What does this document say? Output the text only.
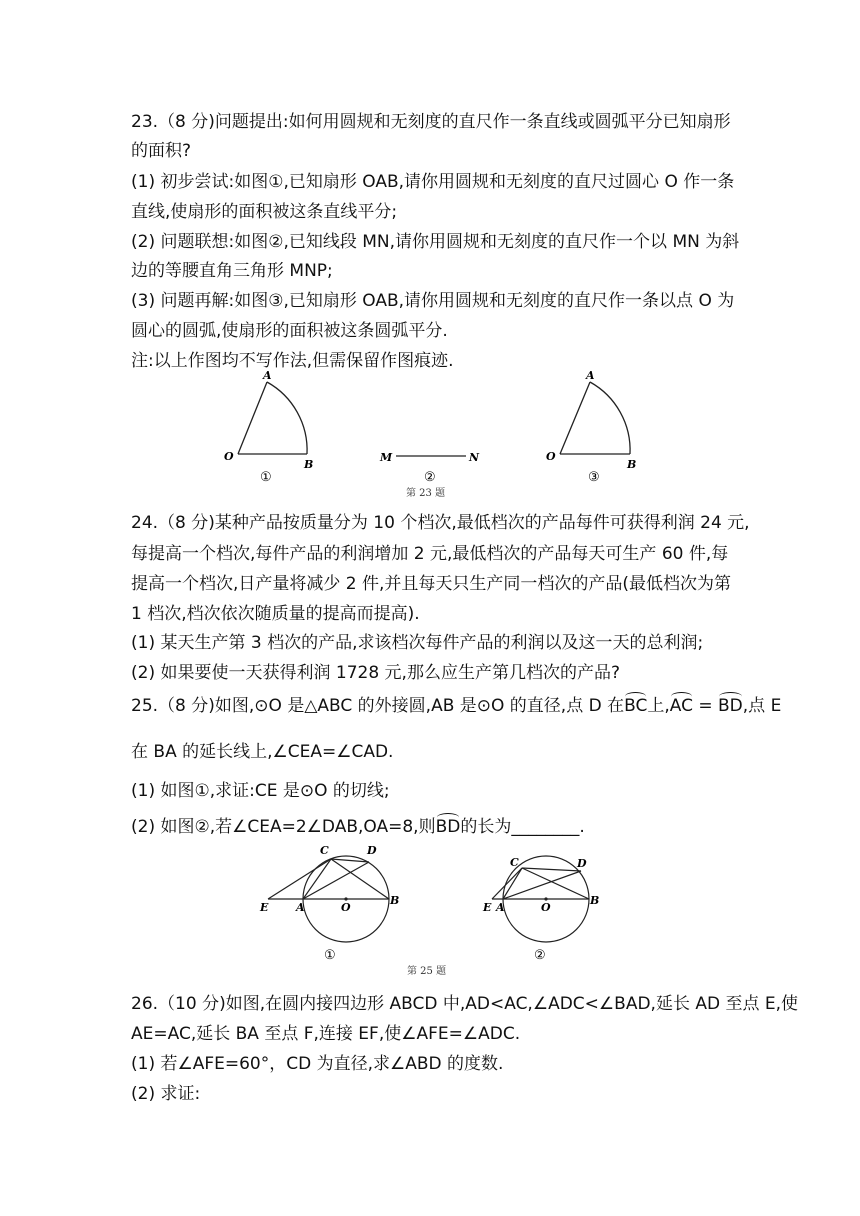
23.（8 分)问题提出:如何用圆规和无刻度的直尺作一条直线或圆弧平分已知扇形
的面积?
(1) 初步尝试:如图①,已知扇形 OAB,请你用圆规和无刻度的直尺过圆心 O 作一条
直线,使扇形的面积被这条直线平分;
(2) 问题联想:如图②,已知线段 MN,请你用圆规和无刻度的直尺作一个以 MN 为斜
边的等腰直角三角形 MNP;
(3) 问题再解:如图③,已知扇形 OAB,请你用圆规和无刻度的直尺作一条以点 O 为
圆心的圆弧,使扇形的面积被这条圆弧平分.
注:以上作图均不写作法,但需保留作图痕迹.
A
O
B
①
M	N
②
A
O
B
③
第 23 题
24.（8 分)某种产品按质量分为 10 个档次,最低档次的产品每件可获得利润 24 元,
每提高一个档次,每件产品的利润增加 2 元,最低档次的产品每天可生产 60 件,每
提高一个档次,日产量将减少 2 件,并且每天只生产同一档次的产品(最低档次为第
1 档次,档次依次随质量的提高而提高).
(1) 某天生产第 3 档次的产品,求该档次每件产品的利润以及这一天的总利润;
(2) 如果要使一天获得利润 1728 元,那么应生产第几档次的产品?
25.（8 分)如图,⊙O 是△ABC 的外接圆,AB 是⊙O 的直径,点 D 在BC上,AC = BD,点 E
在 BA 的延长线上,∠CEA=∠CAD.
(1) 如图①,求证:CE 是⊙O 的切线;
(2) 如图②,若∠CEA=2∠DAB,OA=8,则BD的长为________.
C	D
E	A	O
B
①
C	D
E A	O
B
②
第 25 题
26.（10 分)如图,在圆内接四边形 ABCD 中,AD<AC,∠ADC<∠BAD,延长 AD 至点 E,使
AE=AC,延长 BA 至点 F,连接 EF,使∠AFE=∠ADC.
(1) 若∠AFE=60°，CD 为直径,求∠ABD 的度数.
(2) 求证:
